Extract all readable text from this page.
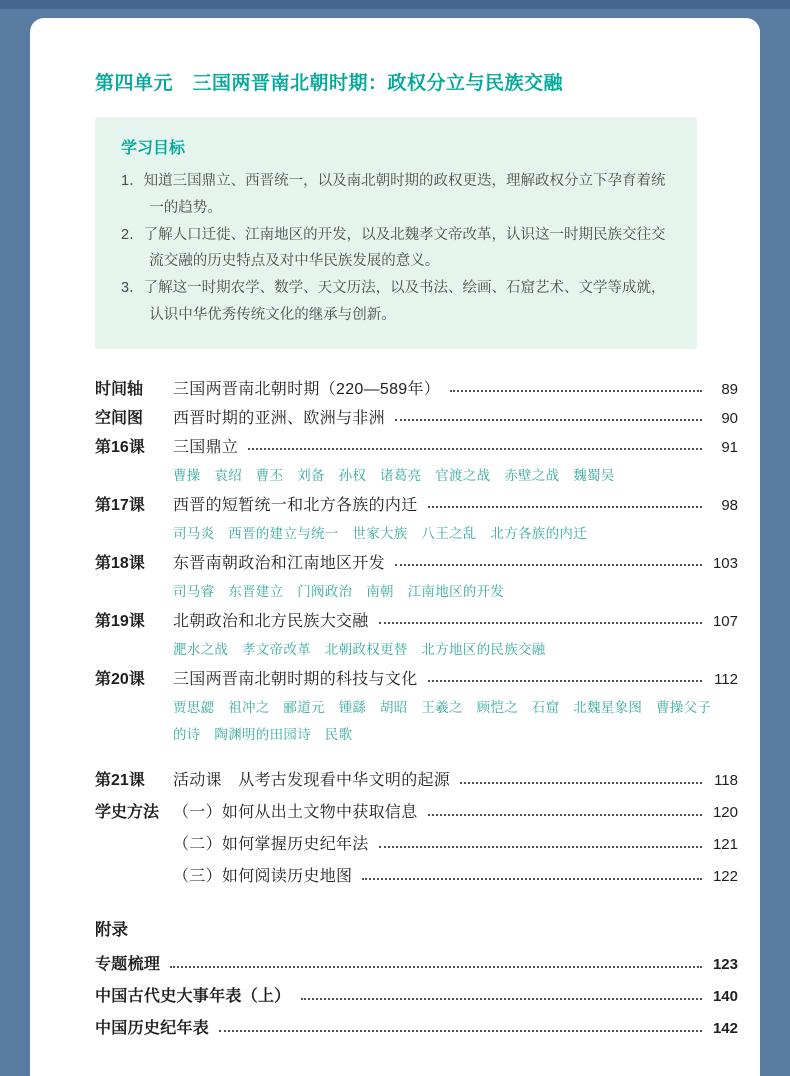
第四单元　三国两晋南北朝时期：政权分立与民族交融
学习目标

1．知道三国鼎立、西晋统一，以及南北朝时期的政权更迭，理解政权分立下孕育着统一的趋势。

2．了解人口迁徙、江南地区的开发，以及北魏孝文帝改革，认识这一时期民族交往交流交融的历史特点及对中华民族发展的意义。

3．了解这一时期农学、数学、天文历法，以及书法、绘画、石窟艺术、文学等成就，认识中华优秀传统文化的继承与创新。

时间轴	三国两晋南北朝时期（220—589年）	89
空间图	西晋时期的亚洲、欧洲与非洲	90
第16课	三国鼎立	91
曹操　袁绍　曹丕　刘备　孙权　诸葛亮　官渡之战　赤壁之战　魏蜀吴
第17课	西晋的短暂统一和北方各族的内迁	98
司马炎　西晋的建立与统一　世家大族　八王之乱　北方各族的内迁
第18课	东晋南朝政治和江南地区开发	103
司马睿　东晋建立　门阀政治　南朝　江南地区的开发
第19课	北朝政治和北方民族大交融	107
淝水之战　孝文帝改革　北朝政权更替　北方地区的民族交融
第20课	三国两晋南北朝时期的科技与文化	112
贾思勰　祖冲之　郦道元　锺繇　胡昭　王羲之　顾恺之　石窟　北魏星象图　曹操父子的诗　陶渊明的田园诗　民歌
第21课	活动课　从考古发现看中华文明的起源	118
学史方法 （一）如何从出土文物中获取信息	120
（二）如何掌握历史纪年法	121
（三）如何阅读历史地图	122
附录
专题梳理	123
中国古代史大事年表（上）	140
中国历史纪年表	142
